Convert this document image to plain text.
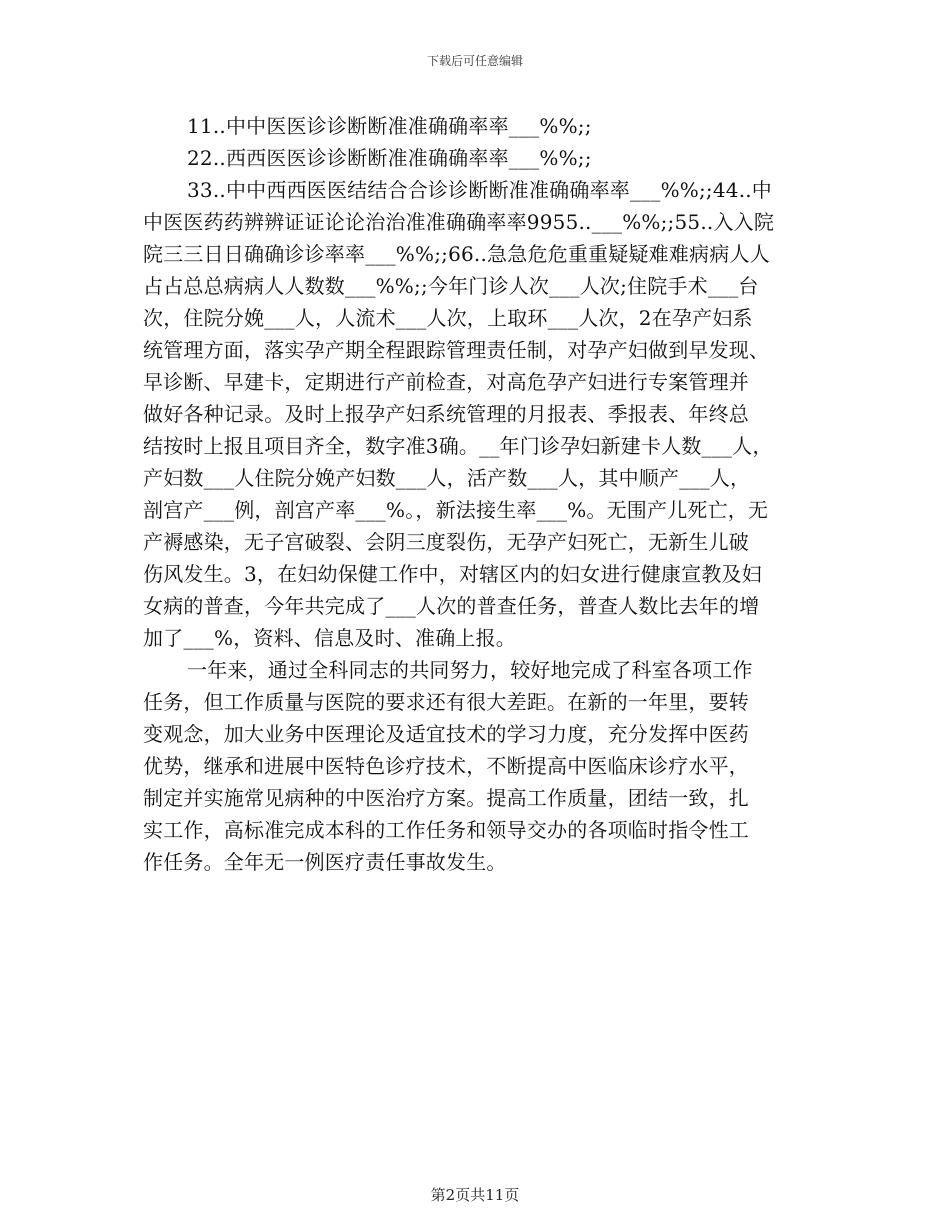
下载后可任意编辑

11..中中医医诊诊断断准准确确率率___%%;;

22..西西医医诊诊断断准准确确率率___%%;;

33..中中西西医医结结合合诊诊断断准准确确率率___%%;;44..中

中医医药药辨辨证证论论治治准准确确率率9955..___%%;;55..入入院

院三三日日确确诊诊率率___%%;;66..急急危危重重疑疑难难病病人人

占占总总病病人人数数___%%;;今年门诊人次___人次;住院手术___台

次，住院分娩___人，人流术___人次，上取环___人次，2在孕产妇系

统管理方面，落实孕产期全程跟踪管理责任制，对孕产妇做到早发现、

早诊断、早建卡，定期进行产前检查，对高危孕产妇进行专案管理并

做好各种记录。及时上报孕产妇系统管理的月报表、季报表、年终总

结按时上报且项目齐全，数字准3确。__年门诊孕妇新建卡人数___人，

产妇数___人住院分娩产妇数___人，活产数___人，其中顺产___人，

剖宫产___例，剖宫产率___%。，新法接生率___%。无围产儿死亡，无

产褥感染，无子宫破裂、会阴三度裂伤，无孕产妇死亡，无新生儿破

伤风发生。3，在妇幼保健工作中，对辖区内的妇女进行健康宣教及妇

女病的普查，今年共完成了___人次的普查任务，普查人数比去年的增

加了___%，资料、信息及时、准确上报。

一年来，通过全科同志的共同努力，较好地完成了科室各项工作

任务，但工作质量与医院的要求还有很大差距。在新的一年里，要转

变观念，加大业务中医理论及适宜技术的学习力度，充分发挥中医药

优势，继承和进展中医特色诊疗技术，不断提高中医临床诊疗水平，

制定并实施常见病种的中医治疗方案。提高工作质量，团结一致，扎

实工作，高标准完成本科的工作任务和领导交办的各项临时指令性工

作任务。全年无一例医疗责任事故发生。

第2页共11页
